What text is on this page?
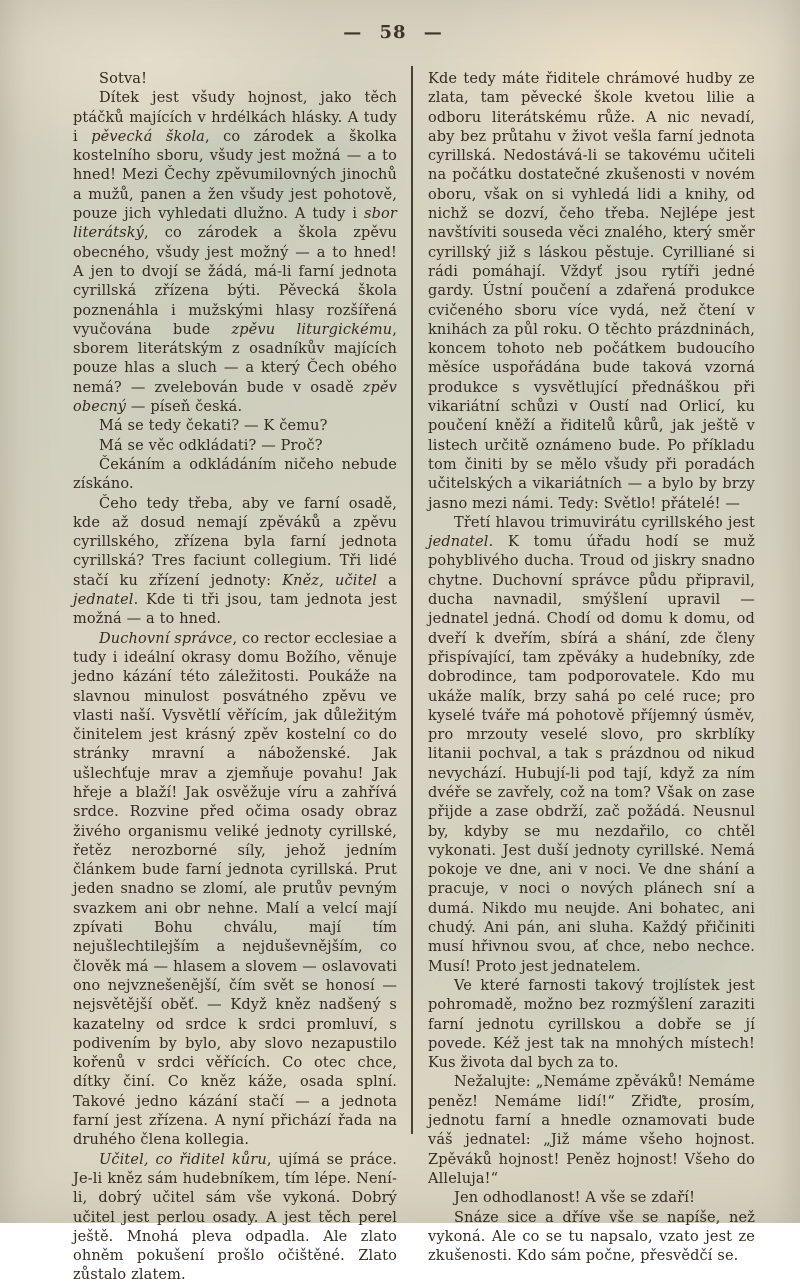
— 58 —

Sotva!

Dítek jest všudy hojnost, jako těch ptáčků majících v hrdélkách hlásky. A tudy i pěvecká škola, co zárodek a školka kostelního sboru, všudy jest možná — a to hned! Mezi Čechy zpěvumilovných jinochů a mužů, panen a žen všudy jest pohotově, pouze jich vyhledati dlužno. A tudy i sbor literátský, co zárodek a škola zpěvu obecného, všudy jest možný — a to hned! A jen to dvojí se žádá, má-li farní jednota cyrillská zřízena býti. Pěvecká škola poznenáhla i mužskými hlasy rozšířená vyučována bude zpěvu liturgickému, sborem literátským z osadníkův majících pouze hlas a sluch — a který Čech obého nemá? — zvelebován bude v osadě zpěv obecný — píseň česká.

Má se tedy čekati? — K čemu?

Má se věc odkládati? — Proč?

Čekáním a odkládáním ničeho nebude získáno.

Čeho tedy třeba, aby ve farní osadě, kde až dosud nemají zpěváků a zpěvu cyrillského, zřízena byla farní jednota cyrillská? Tres faciunt collegium. Tři lidé stačí ku zřízení jednoty: Kněz, učitel a jednatel. Kde ti tři jsou, tam jednota jest možná — a to hned.

Duchovní správce, co rector ecclesiae a tudy i ideální okrasy domu Božího, věnuje jedno kázání této záležitosti. Poukáže na slavnou minulost posvátného zpěvu ve vlasti naší. Vysvětlí věřícím, jak důležitým činitelem jest krásný zpěv kostelní co do stránky mravní a náboženské. Jak ušlechťuje mrav a zjemňuje povahu! Jak hřeje a blaží! Jak osvěžuje víru a zahřívá srdce. Rozvine před očima osady obraz živého organismu veliké jednoty cyrillské, řetěz nerozborné síly, jehož jedním článkem bude farní jednota cyrillská. Prut jeden snadno se zlomí, ale prutův pevným svazkem ani obr nehne. Malí a velcí mají zpívati Bohu chválu, mají tím nejušlechtilejším a nejduševnějším, co člověk má — hlasem a slovem — oslavovati ono nejvznešenější, čím svět se honosí — nejsvětější oběť. — Když kněz nadšený s kazatelny od srdce k srdci promluví, s podivením by bylo, aby slovo nezapustilo kořenů v srdci věřících. Co otec chce, dítky činí. Co kněz káže, osada splní. Takové jedno kázání stačí — a jednota farní jest zřízena. A nyní přichází řada na druhého člena kollegia.

Učitel, co řiditel kůru, ujímá se práce. Je-li kněz sám hudebníkem, tím lépe. Není-li, dobrý učitel sám vše vykoná. Dobrý učitel jest perlou osady. A jest těch perel ještě. Mnohá pleva odpadla. Ale zlato ohněm pokušení prošlo očištěné. Zlato zůstalo zlatem.

Kde tedy máte řiditele chrámové hudby ze zlata, tam pěvecké škole kvetou lilie a odboru literátskému růže. A nic nevadí, aby bez průtahu v život vešla farní jednota cyrillská. Nedostává-li se takovému učiteli na počátku dostatečné zkušenosti v novém oboru, však on si vyhledá lidi a knihy, od nichž se dozví, čeho třeba. Nejlépe jest navštíviti souseda věci znalého, který směr cyrillský již s láskou pěstuje. Cyrilliané si rádi pomáhají. Vždyť jsou rytíři jedné gardy. Ústní poučení a zdařená produkce cvičeného sboru více vydá, než čtení v knihách za půl roku. O těchto prázdninách, koncem tohoto neb počátkem budoucího měsíce uspořádána bude taková vzorná produkce s vysvětlující přednáškou při vikariátní schůzi v Oustí nad Orlicí, ku poučení kněží a řiditelů kůrů, jak ještě v listech určitě oznámeno bude. Po příkladu tom činiti by se mělo všudy při poradách učitelských a vikariátních — a bylo by brzy jasno mezi námi. Tedy: Světlo! přátelé! —

Třetí hlavou trimuvirátu cyrillského jest jednatel. K tomu úřadu hodí se muž pohyblivého ducha. Troud od jiskry snadno chytne. Duchovní správce půdu připravil, ducha navnadil, smýšlení upravil — jednatel jedná. Chodí od domu k domu, od dveří k dveřím, sbírá a shání, zde členy přispívající, tam zpěváky a hudebníky, zde dobrodince, tam podporovatele. Kdo mu ukáže malík, brzy sahá po celé ruce; pro kyselé tváře má pohotově příjemný úsměv, pro mrzouty veselé slovo, pro skrblíky litanii pochval, a tak s prázdnou od nikud nevychází. Hubují-li pod tají, když za ním dvéře se zavřely, což na tom? Však on zase přijde a zase obdrží, zač požádá. Neusnul by, kdyby se mu nezdařilo, co chtěl vykonati. Jest duší jednoty cyrillské. Nemá pokoje ve dne, ani v noci. Ve dne shání a pracuje, v noci o nových plánech sní a dumá. Nikdo mu neujde. Ani bohatec, ani chudý. Ani pán, ani sluha. Každý přičiniti musí hřivnou svou, ať chce, nebo nechce. Musí! Proto jest jednatelem.

Ve které farnosti takový trojlístek jest pohromadě, možno bez rozmýšlení zaraziti farní jednotu cyrillskou a dobře se jí povede. Kéž jest tak na mnohých místech! Kus života dal bych za to.

Nežalujte: „Nemáme zpěváků! Nemáme peněz! Nemáme lidí!“ Zřiďte, prosím, jednotu farní a hnedle oznamovati bude váš jednatel: „Již máme všeho hojnost. Zpěváků hojnost! Peněz hojnost! Všeho do Alleluja!“

Jen odhodlanost! A vše se zdaří!

Snáze sice a dříve vše se napíše, než vykoná. Ale co se tu napsalo, vzato jest ze zkušenosti. Kdo sám počne, přesvědčí se.
